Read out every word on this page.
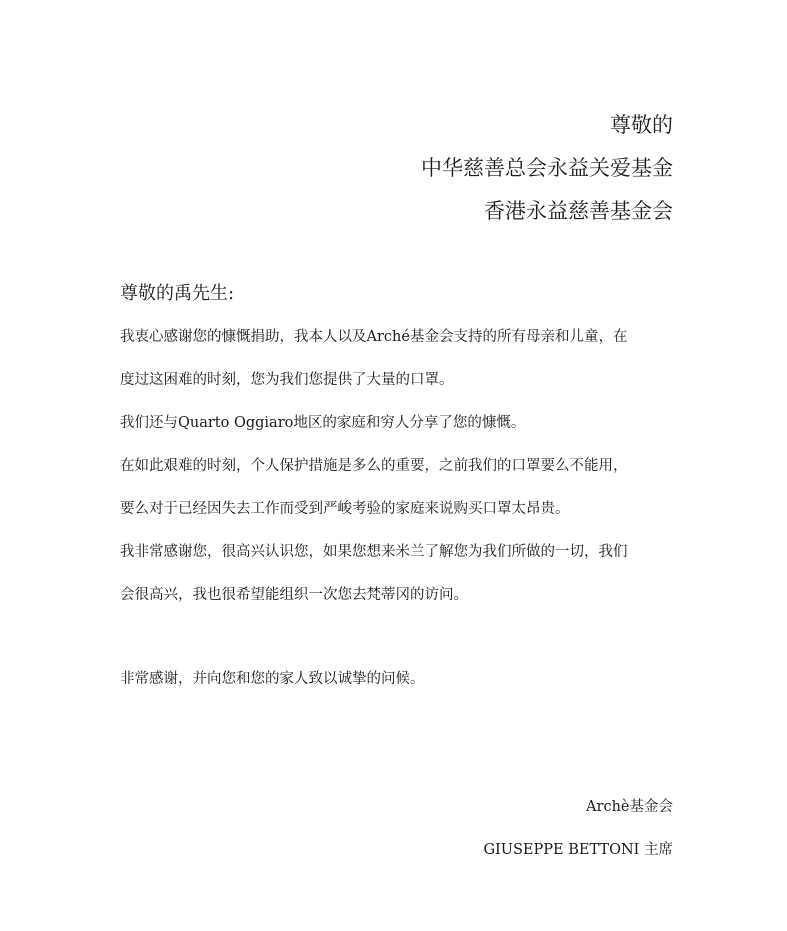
尊敬的
中华慈善总会永益关爱基金
香港永益慈善基金会
尊敬的禹先生:
我衷心感谢您的慷慨捐助，我本人以及Arché基金会支持的所有母亲和儿童，在
度过这困难的时刻，您为我们您提供了大量的口罩。
我们还与Quarto Oggiaro地区的家庭和穷人分享了您的慷慨。
在如此艰难的时刻，个人保护措施是多么的重要，之前我们的口罩要么不能用，
要么对于已经因失去工作而受到严峻考验的家庭来说购买口罩太昂贵。
我非常感谢您，很高兴认识您，如果您想来米兰了解您为我们所做的一切，我们
会很高兴，我也很希望能组织一次您去梵蒂冈的访问。
非常感谢，并向您和您的家人致以诚挚的问候。
Archè基金会
GIUSEPPE BETTONI 主席
